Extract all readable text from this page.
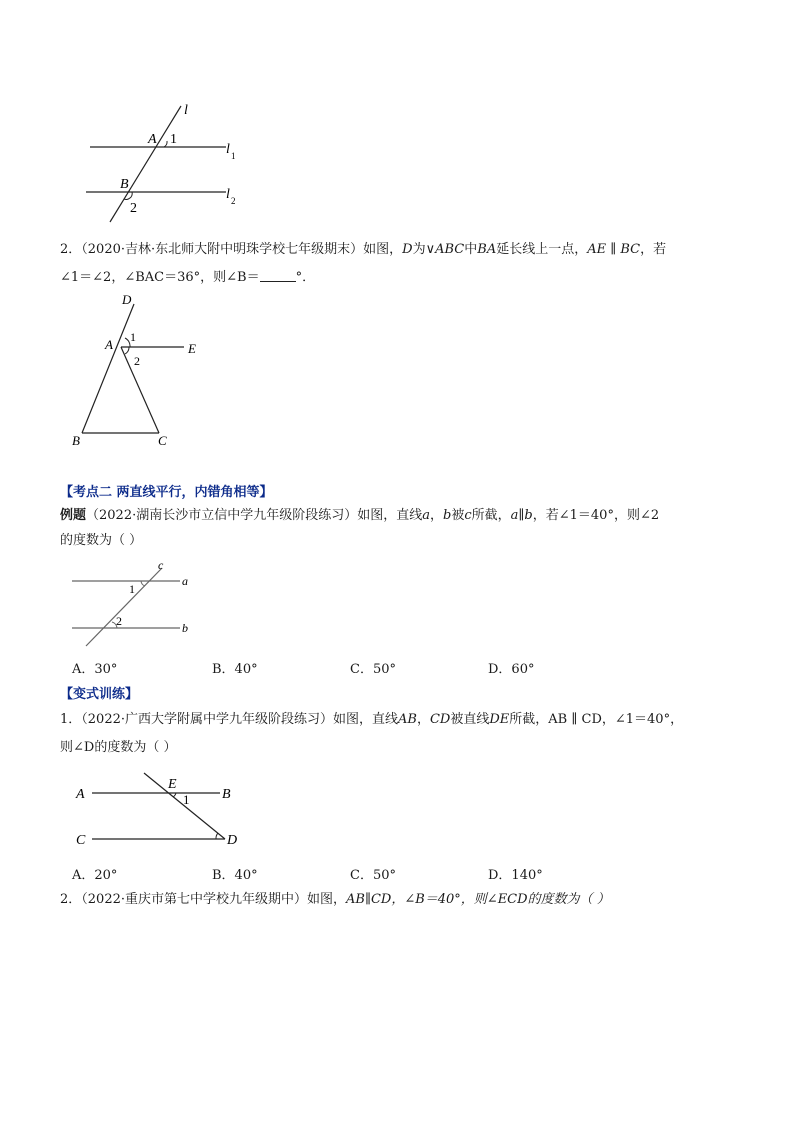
l
A 1
l 1
B
l 2
2
2．（2020·吉林·东北师大附中明珠学校七年级期末）如图，D为∨ABC中BA延长线上一点，AE ∥ BC，若
∠1＝∠2，∠BAC＝36°，则∠B＝	°．
D
A 1
2
E
B	C
【考点二 两直线平行，内错角相等】
例题（2022·湖南长沙市立信中学九年级阶段练习）如图，直线a，b被c所截，a∥b，若∠1＝40°，则∠2
的度数为（ ）
c
a
1
2	b
A．30°	B．40°	C．50°	D．60°
【变式训练】
1．（2022·广西大学附属中学九年级阶段练习）如图，直线AB，CD被直线DE所截，AB ∥ CD，∠1＝40°，
则∠D的度数为（ ）
A
E
1 B
C	D
A．20°	B．40°	C．50°	D．140°
2．（2022·重庆市第七中学校九年级期中）如图，AB∥CD，∠B＝40°，则∠ECD的度数为（ ）
